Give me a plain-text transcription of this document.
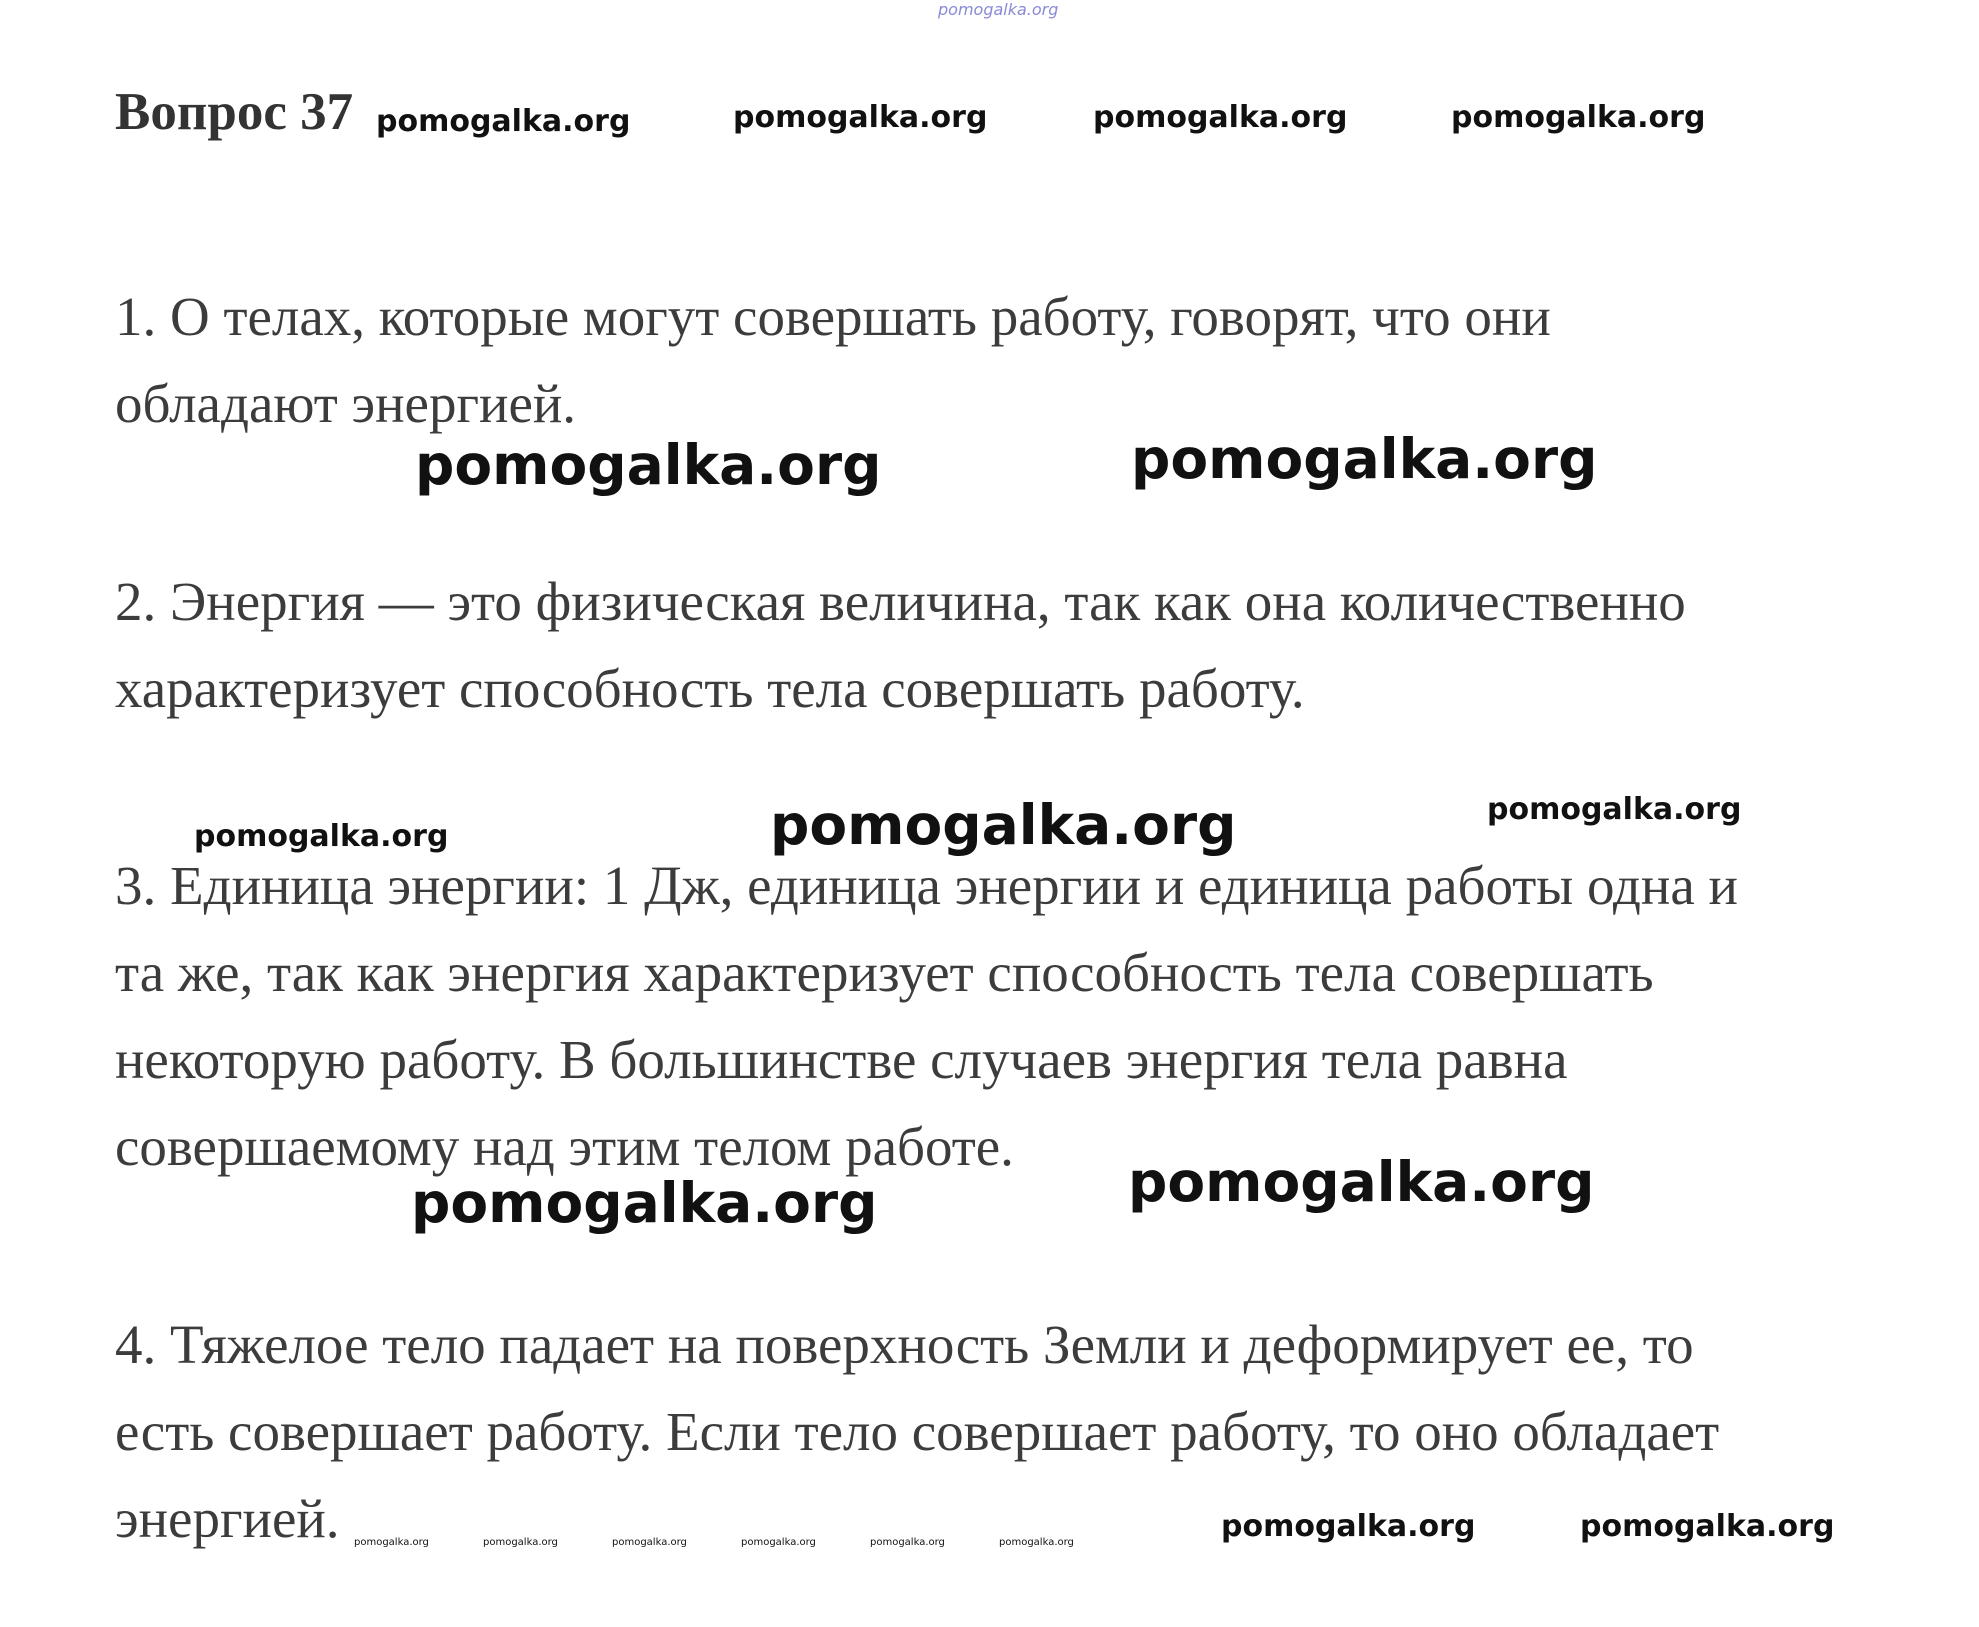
pomogalka.org
Вопрос 37 pomogalka.org	pomogalka.org	pomogalka.org	pomogalka.org
1. О телах, которые могут совершать работу, говорят, что они
обладают энергией.
pomogalka.org	pomogalka.org
2. Энергия — это физическая величина, так как она количественно
характеризует способность тела совершать работу.
pomogalka.org	pomogalka.org	pomogalka.org
3. Единица энергии: 1 Дж, единица энергии и единица работы одна и
та же, так как энергия характеризует способность тела совершать
некоторую работу. В большинстве случаев энергия тела равна
совершаемому над этим телом работе.
pomogalka.org	pomogalka.org
4. Тяжелое тело падает на поверхность Земли и деформирует ее, то
есть совершает работу. Если тело совершает работу, то оно обладает
энергией.	pomogalka.org	pomogalka.org	pomogalka.org	pomogalka.org	pomogalka.org	pomogalka.org	pomogalka.org	pomogalka.org
